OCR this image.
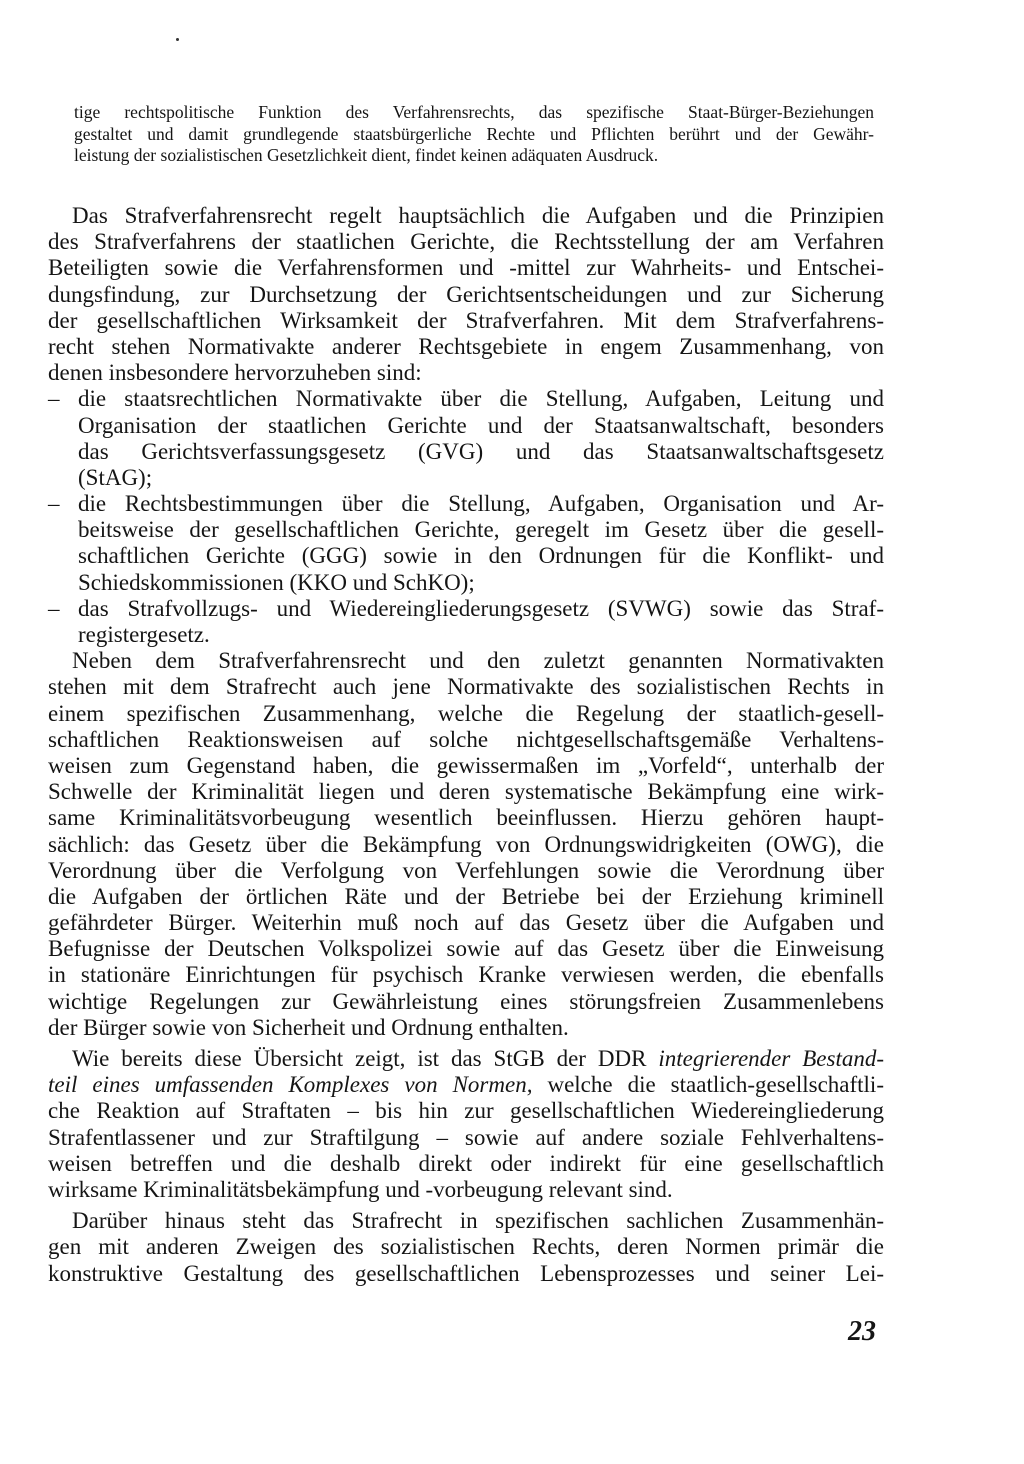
tige rechtspolitische Funktion des Verfahrensrechts, das spezifische Staat-Bürger-Beziehungen
gestaltet und damit grundlegende staatsbürgerliche Rechte und Pflichten berührt und der Gewähr-
leistung der sozialistischen Gesetzlichkeit dient, findet keinen adäquaten Ausdruck.
Das Strafverfahrensrecht regelt hauptsächlich die Aufgaben und die Prinzipien
des Strafverfahrens der staatlichen Gerichte, die Rechtsstellung der am Verfahren
Beteiligten sowie die Verfahrensformen und -mittel zur Wahrheits- und Entschei-
dungsfindung, zur Durchsetzung der Gerichtsentscheidungen und zur Sicherung
der gesellschaftlichen Wirksamkeit der Strafverfahren. Mit dem Strafverfahrens-
recht stehen Normativakte anderer Rechtsgebiete in engem Zusammenhang, von
denen insbesondere hervorzuheben sind:
– die staatsrechtlichen Normativakte über die Stellung, Aufgaben, Leitung und
Organisation der staatlichen Gerichte und der Staatsanwaltschaft, besonders
das Gerichtsverfassungsgesetz (GVG) und das Staatsanwaltschaftsgesetz
(StAG);
– die Rechtsbestimmungen über die Stellung, Aufgaben, Organisation und Ar-
beitsweise der gesellschaftlichen Gerichte, geregelt im Gesetz über die gesell-
schaftlichen Gerichte (GGG) sowie in den Ordnungen für die Konflikt- und
Schiedskommissionen (KKO und SchKO);
– das Strafvollzugs- und Wiedereingliederungsgesetz (SVWG) sowie das Straf-
registergesetz.
Neben dem Strafverfahrensrecht und den zuletzt genannten Normativakten
stehen mit dem Strafrecht auch jene Normativakte des sozialistischen Rechts in
einem spezifischen Zusammenhang, welche die Regelung der staatlich-gesell-
schaftlichen Reaktionsweisen auf solche nichtgesellschaftsgemäße Verhaltens-
weisen zum Gegenstand haben, die gewissermaßen im „Vorfeld“, unterhalb der
Schwelle der Kriminalität liegen und deren systematische Bekämpfung eine wirk-
same Kriminalitätsvorbeugung wesentlich beeinflussen. Hierzu gehören haupt-
sächlich: das Gesetz über die Bekämpfung von Ordnungswidrigkeiten (OWG), die
Verordnung über die Verfolgung von Verfehlungen sowie die Verordnung über
die Aufgaben der örtlichen Räte und der Betriebe bei der Erziehung kriminell
gefährdeter Bürger. Weiterhin muß noch auf das Gesetz über die Aufgaben und
Befugnisse der Deutschen Volkspolizei sowie auf das Gesetz über die Einweisung
in stationäre Einrichtungen für psychisch Kranke verwiesen werden, die ebenfalls
wichtige Regelungen zur Gewährleistung eines störungsfreien Zusammenlebens
der Bürger sowie von Sicherheit und Ordnung enthalten.
Wie bereits diese Übersicht zeigt, ist das StGB der DDR integrierender Bestand-
teil eines umfassenden Komplexes von Normen, welche die staatlich-gesellschaftli-
che Reaktion auf Straftaten – bis hin zur gesellschaftlichen Wiedereingliederung
Strafentlassener und zur Straftilgung – sowie auf andere soziale Fehlverhaltens-
weisen betreffen und die deshalb direkt oder indirekt für eine gesellschaftlich
wirksame Kriminalitätsbekämpfung und -vorbeugung relevant sind.
Darüber hinaus steht das Strafrecht in spezifischen sachlichen Zusammenhän-
gen mit anderen Zweigen des sozialistischen Rechts, deren Normen primär die
konstruktive Gestaltung des gesellschaftlichen Lebensprozesses und seiner Lei-
23
